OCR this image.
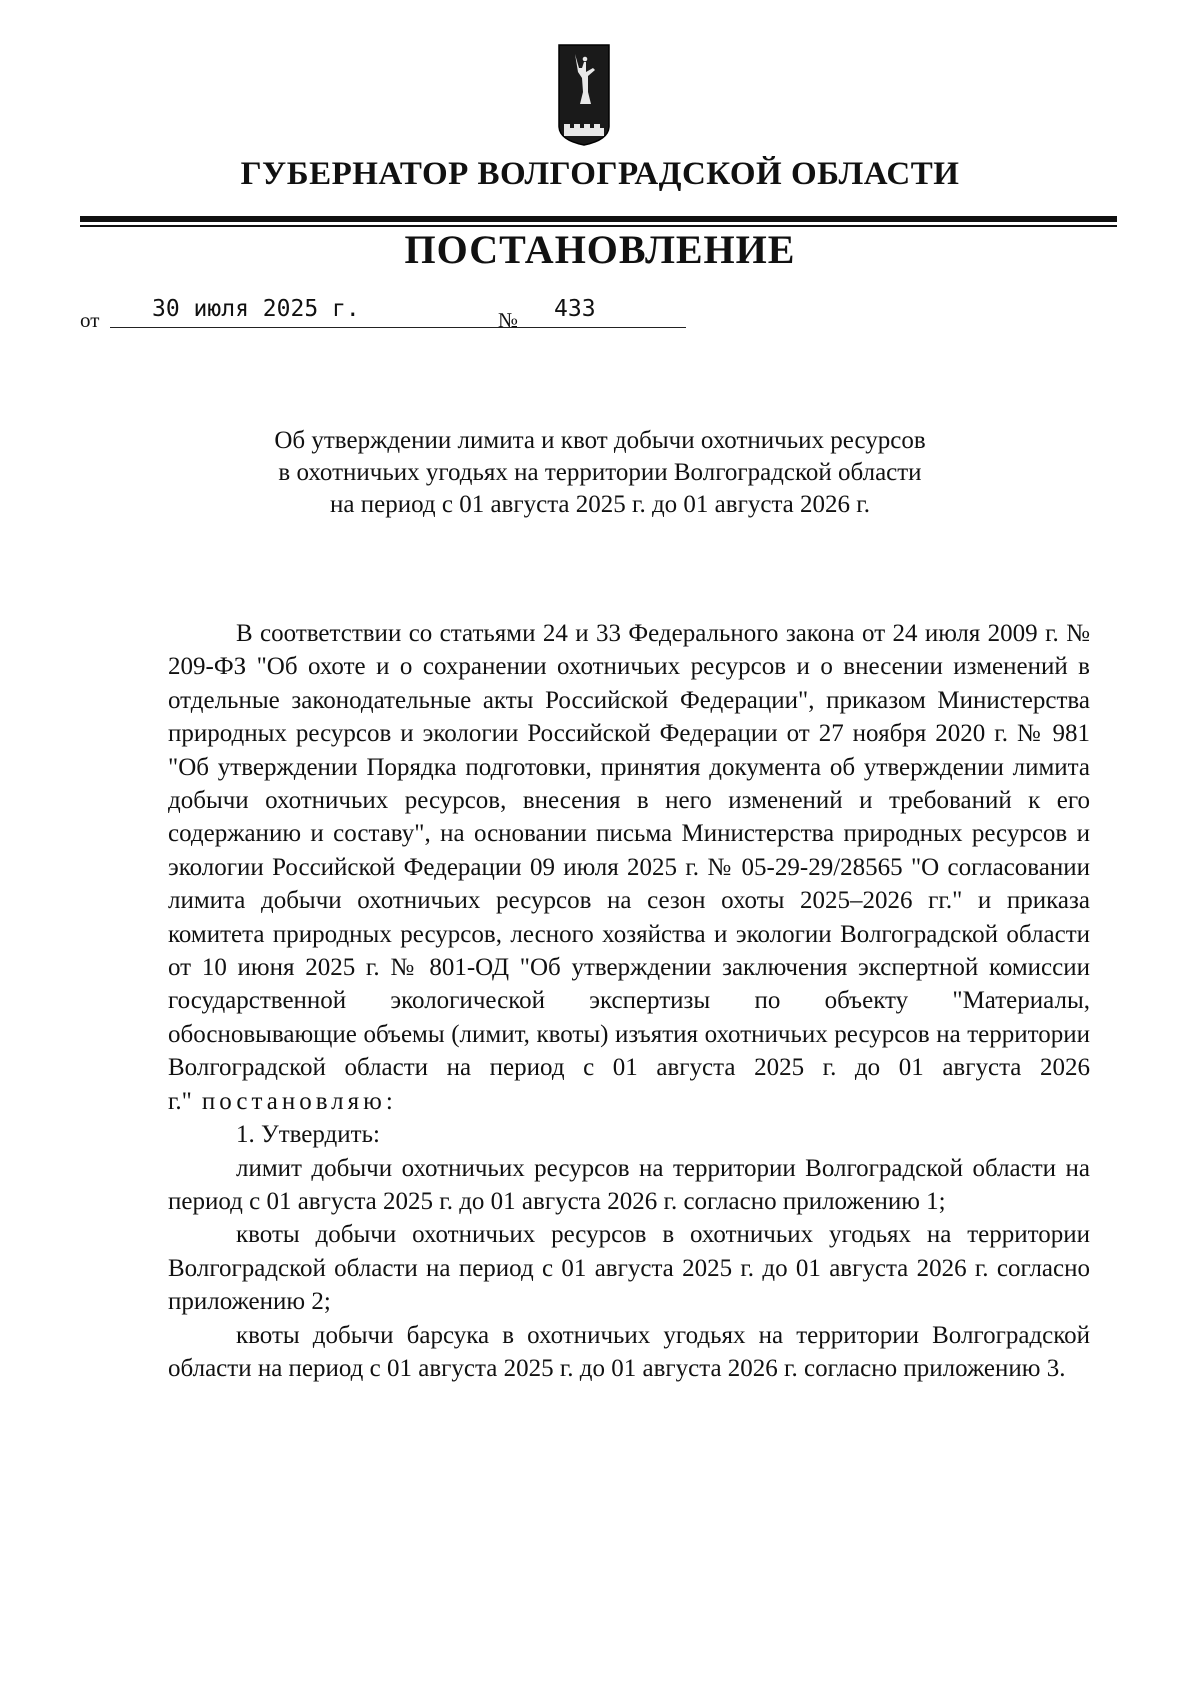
ГУБЕРНАТОР ВОЛГОГРАДСКОЙ ОБЛАСТИ
ПОСТАНОВЛЕНИЕ
от	30 июля 2025 г.	№	433
Об утверждении лимита и квот добычи охотничьих ресурсов
в охотничьих угодьях на территории Волгоградской области
на период с 01 августа 2025 г. до 01 августа 2026 г.

В соответствии со статьями 24 и 33 Федерального закона от 24 июля 2009 г. № 209-ФЗ "Об охоте и о сохранении охотничьих ресурсов и о внесении изменений в отдельные законодательные акты Российской Федерации", приказом Министерства природных ресурсов и экологии Российской Федерации от 27 ноября 2020 г. № 981 "Об утверждении Порядка подготовки, принятия документа об утверждении лимита добычи охотничьих ресурсов, внесения в него изменений и требований к его содержанию и составу", на основании письма Министерства природных ресурсов и экологии Российской Федерации 09 июля 2025 г. № 05-29-29/28565 "О согласовании лимита добычи охотничьих ресурсов на сезон охоты 2025–2026 гг." и приказа комитета природных ресурсов, лесного хозяйства и экологии Волгоградской области от 10 июня 2025 г. № 801-ОД "Об утверждении заключения экспертной комиссии государственной экологической экспертизы по объекту "Материалы, обосновывающие объемы (лимит, квоты) изъятия охотничьих ресурсов на территории Волгоградской области на период с 01 августа 2025 г. до 01 августа 2026 г." постановляю:

1. Утвердить:

лимит добычи охотничьих ресурсов на территории Волгоградской области на период с 01 августа 2025 г. до 01 августа 2026 г. согласно приложению 1;

квоты добычи охотничьих ресурсов в охотничьих угодьях на территории Волгоградской области на период с 01 августа 2025 г. до 01 августа 2026 г. согласно приложению 2;

квоты добычи барсука в охотничьих угодьях на территории Волгоградской области на период с 01 августа 2025 г. до 01 августа 2026 г. согласно приложению 3.
